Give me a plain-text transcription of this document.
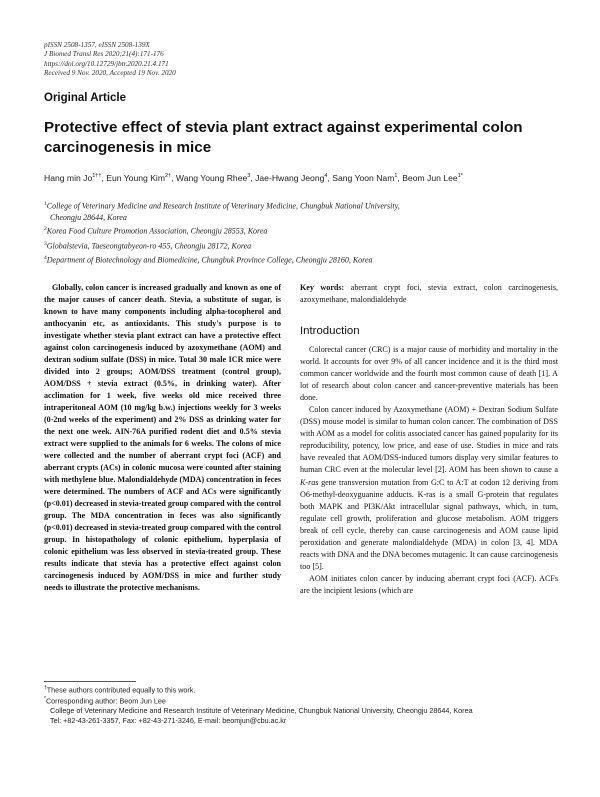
pISSN 2508-1357, eISSN 2508-139X
J Biomed Transl Res 2020;21(4):171-176
https://doi.org/10.12729/jbtr.2020.21.4.171
Received 9 Nov. 2020, Accepted 19 Nov. 2020
Original Article
Protective effect of stevia plant extract against experimental colon carcinogenesis in mice
Hang $\min Jo^{1\dagger\dagger}$, Eun Young Kim$^{2\dagger}$, Wang Young Rhee$^3$, Jae-Hwang Jeong$^4$, Sang Yoon Nam$^1$, Beom Jun Lee$^{1*}$

$^1$College of Veterinary Medicine and Research Institute of Veterinary Medicine, Chungbuk National University,
Cheongju 28644, Korea

$^2$Korea Food Culture Promotion Association, Cheongju 28553, Korea

$^3$Globalstevia, Taeseongtabyeon-ro 455, Cheongju 28172, Korea

$^4$Department of Biotechnology and Biomedicine, Chungbuk Province College, Cheongju 28160, Korea

Globally, colon cancer is increased gradually and known as one of the major causes of cancer death. Stevia, a substitute of sugar, is known to have many components including alpha-tocopherol and anthocyanin etc, as antioxidants. This study's purpose is to investigate whether stevia plant extract can have a protective effect against colon carcinogenesis induced by azoxymethane (AOM) and dextran sodium sulfate (DSS) in mice. Total 30 male ICR mice were divided into 2 groups; AOM/DSS treatment (control group), AOM/DSS + stevia extract (0.5%, in drinking water). After acclimation for 1 week, five weeks old mice received three intraperitoneal AOM (10 mg/kg b.w.) injections weekly for 3 weeks (0-2nd weeks of the experiment) and 2% DSS as drinking water for the next one week. AIN-76A purified rodent diet and 0.5% stevia extract were supplied to the animals for 6 weeks. The colons of mice were collected and the number of aberrant crypt foci (ACF) and aberrant crypts (ACs) in colonic mucosa were counted after staining with methylene blue. Malondialdehyde (MDA) concentration in feces were determined. The numbers of ACF and ACs were significantly (p<0.01) decreased in stevia-treated group compared with the control group. The MDA concentration in feces was also significantly (p<0.01) decreased in stevia-treated group compared with the control group. In histopathology of colonic epithelium, hyperplasia of colonic epithelium was less observed in stevia-treated group. These results indicate that stevia has a protective effect against colon carcinogenesis induced by AOM/DSS in mice and further study needs to illustrate the protective mechanisms.

Key words: aberrant crypt foci, stevia extract, colon carcinogenesis, azoxymethane, malondialdehyde

Introduction

Colorectal cancer (CRC) is a major cause of morbidity and mortality in the world. It accounts for over 9% of all cancer incidence and it is the third most common cancer worldwide and the fourth most common cause of death [1]. A lot of research about colon cancer and cancer-preventive materials has been done.

Colon cancer induced by Azoxymethane (AOM) + Dextran Sodium Sulfate (DSS) mouse model is similar to human colon cancer. The combination of DSS with AOM as a model for colitis associated cancer has gained popularity for its reproducibility, potency, low price, and ease of use. Studies in mice and rats have revealed that AOM/DSS-induced tumors display very similar features to human CRC even at the molecular level [2]. AOM has been shown to cause a K-ras gene transversion mutation from G:C to A:T at codon 12 deriving from O6-methyl-deoxyguanine adducts. K-ras is a small G-protein that regulates both MAPK and PI3K/Akt intracellular signal pathways, which, in turn, regulate cell growth, proliferation and glucose metabolism. AOM triggers break of cell cycle, thereby can cause carcinogenesis and AOM cause lipid peroxidation and generate malondialdehyde (MDA) in colon [3, 4]. MDA reacts with DNA and the DNA becomes mutagenic. It can cause carcinogenesis too [5].

AOM initiates colon cancer by inducing aberrant crypt foci (ACF). ACFs are the incipient lesions (which are

†These authors contributed equally to this work.

*Corresponding author: Beom Jun Lee

College of Veterinary Medicine and Research Institute of Veterinary Medicine, Chungbuk National University, Cheongju 28644, Korea

Tel: +82-43-261-3357, Fax: +82-43-271-3246, E-mail: beomjun@cbu.ac.kr
